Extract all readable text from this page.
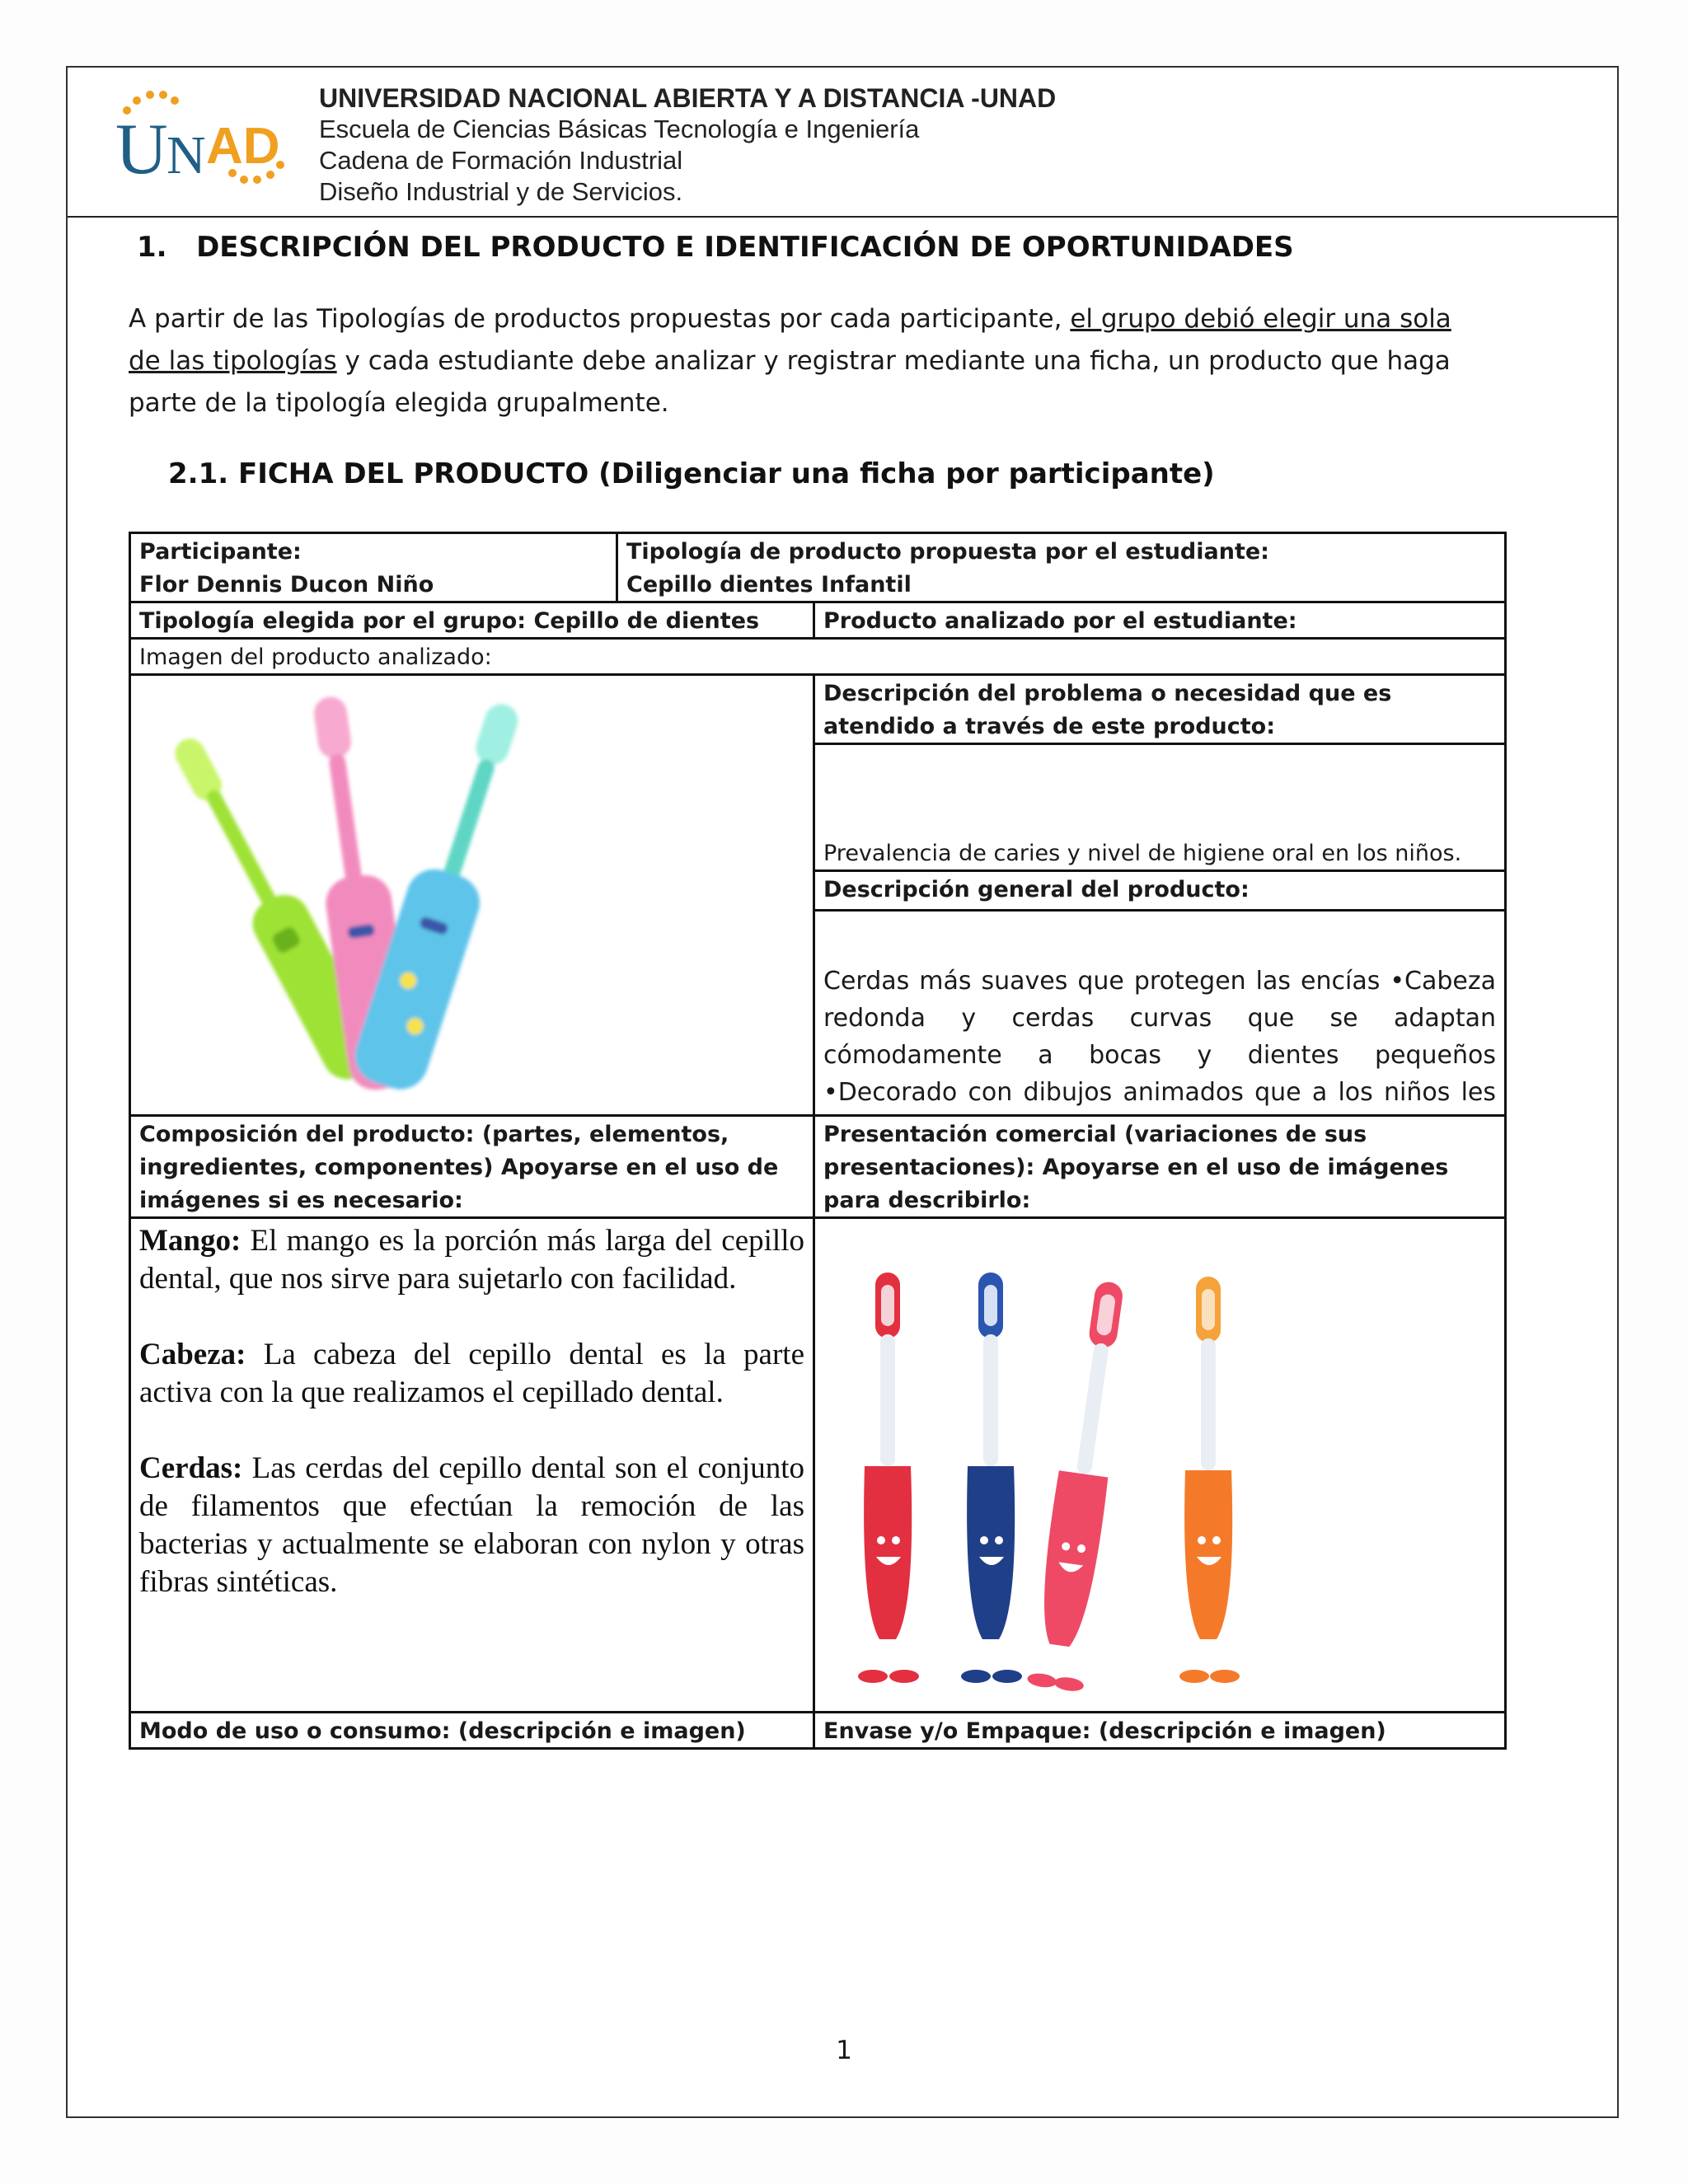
U
N AD
UNIVERSIDAD NACIONAL ABIERTA Y A DISTANCIA -UNAD
Escuela de Ciencias Básicas Tecnología e Ingeniería
Cadena de Formación Industrial
Diseño Industrial y de Servicios.
1.   DESCRIPCIÓN DEL PRODUCTO E IDENTIFICACIÓN DE OPORTUNIDADES
A partir de las Tipologías de productos propuestas por cada participante, el grupo debió elegir una sola de las tipologías y cada estudiante debe analizar y registrar mediante una ficha, un producto que haga parte de la tipología elegida grupalmente.
2.1. FICHA DEL PRODUCTO (Diligenciar una ficha por participante)
Participante:
Flor Dennis Ducon Niño
Tipología de producto propuesta por el estudiante:
Cepillo dientes Infantil
Tipología elegida por el grupo: Cepillo de dientes	Producto analizado por el estudiante:
Imagen del producto analizado:
Descripción del problema o necesidad que es atendido a través de este producto:
Prevalencia de caries y nivel de higiene oral en los niños.
Descripción general del producto:
Cerdas más suaves que protegen las encías •Cabeza redonda y cerdas curvas que se adaptan cómodamente a bocas y dientes pequeños •Decorado con dibujos animados que a los niños les
Composición del producto: (partes, elementos, ingredientes, componentes) Apoyarse en el uso de imágenes si es necesario:
Presentación comercial (variaciones de sus presentaciones): Apoyarse en el uso de imágenes para describirlo:

Mango: El mango es la porción más larga del cepillo dental, que nos sirve para sujetarlo con facilidad.

Cabeza: La cabeza del cepillo dental es la parte activa con la que realizamos el cepillado dental.

Cerdas: Las cerdas del cepillo dental son el conjunto de filamentos que efectúan la remoción de las bacterias y actualmente se elaboran con nylon y otras fibras sintéticas.

Modo de uso o consumo: (descripción e imagen)	Envase y/o Empaque: (descripción e imagen)
1
